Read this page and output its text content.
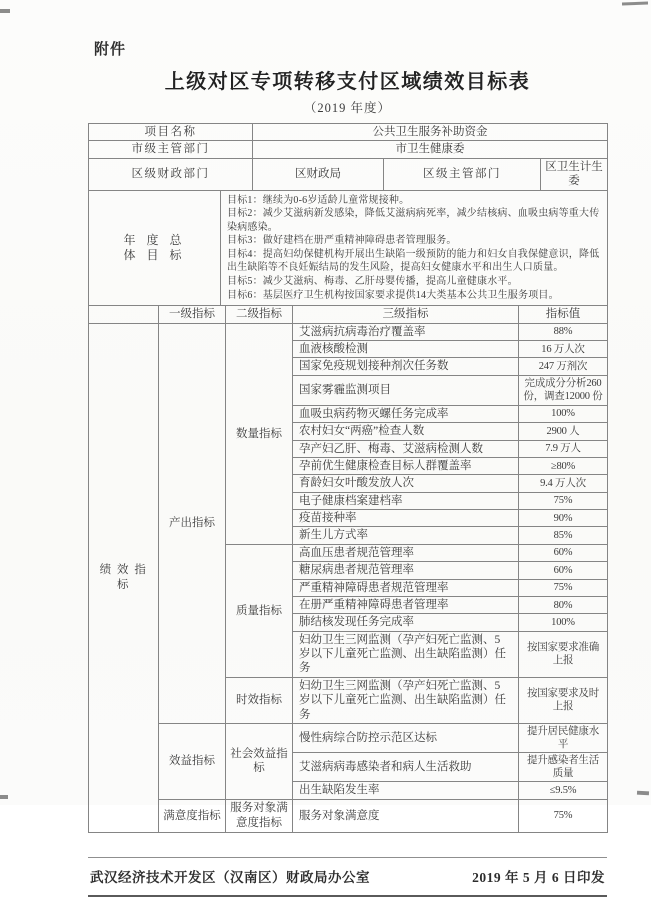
附件
上级对区专项转移支付区域绩效目标表
（2019 年度）
项目名称	公共卫生服务补助资金		
市级主管部门	市卫生健康委		
区级财政部门	区财政局	区级主管部门	区卫生计生委
年 度 总
体 目 标

目标1：继续为0-6岁适龄儿童常规接种。
目标2：减少艾滋病新发感染，降低艾滋病病死率，减少结核病、血吸虫病等重大传染病感染。
目标3：做好建档在册严重精神障碍患者管理服务。
目标4：提高妇幼保健机构开展出生缺陷一级预防的能力和妇女自我保健意识，降低出生缺陷等不良妊娠结局的发生风险，提高妇女健康水平和出生人口质量。
目标5：减少艾滋病、梅毒、乙肝母婴传播，提高儿童健康水平。
目标6：基层医疗卫生机构按国家要求提供14大类基本公共卫生服务项目。
	一级指标	二级指标	三级指标	指标值
绩 效 指 标	产出指标	数量指标	艾滋病抗病毒治疗覆盖率	88%
			血液核酸检测	16 万人次
			国家免疫规划接种剂次任务数	247 万剂次
			国家雾霾监测项目	完成成分分析260 份，调查12000 份
			血吸虫病药物灭螺任务完成率	100%
			农村妇女“两癌”检查人数	2900 人
			孕产妇乙肝、梅毒、艾滋病检测人数	7.9 万人
			孕前优生健康检查目标人群覆盖率	≥80%
			育龄妇女叶酸发放人次	9.4 万人次
			电子健康档案建档率	75%
			疫苗接种率	90%
			新生儿方式率	85%
		质量指标	高血压患者规范管理率	60%
			糖尿病患者规范管理率	60%
			严重精神障碍患者规范管理率	75%
			在册严重精神障碍患者管理率	80%
			肺结核发现任务完成率	100%
			妇幼卫生三网监测（孕产妇死亡监测、5 岁以下儿童死亡监测、出生缺陷监测）任务	按国家要求准确上报
		时效指标	妇幼卫生三网监测（孕产妇死亡监测、5 岁以下儿童死亡监测、出生缺陷监测）任务	按国家要求及时上报
	效益指标	社会效益指标	慢性病综合防控示范区达标	提升居民健康水平
			艾滋病病毒感染者和病人生活救助	提升感染者生活质量
			出生缺陷发生率	≤9.5%
	满意度指标	服务对象满意度指标	服务对象满意度	75%
武汉经济技术开发区（汉南区）财政局办公室	2019 年 5 月 6 日印发
